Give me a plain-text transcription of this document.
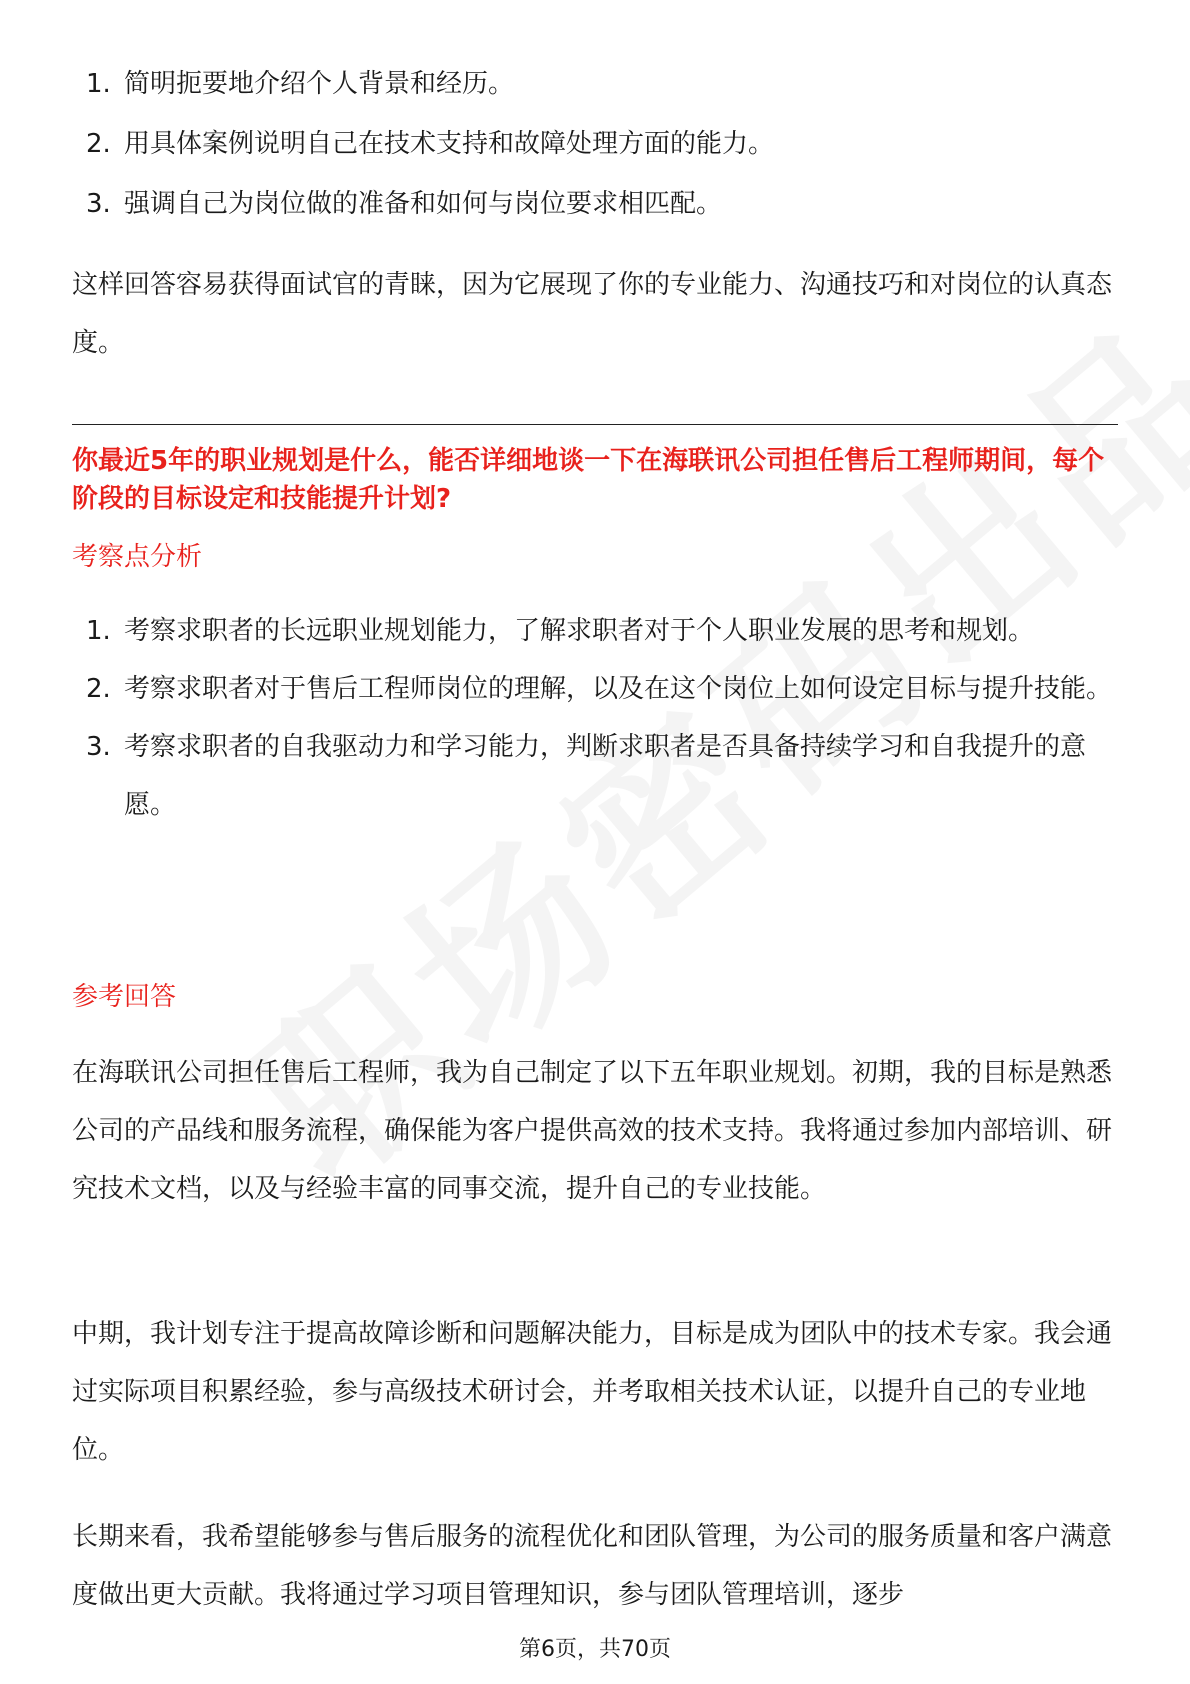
1. 简明扼要地介绍个人背景和经历。
2. 用具体案例说明自己在技术支持和故障处理方面的能力。
3. 强调自己为岗位做的准备和如何与岗位要求相匹配。

这样回答容易获得面试官的青睐，因为它展现了你的专业能力、沟通技巧和对岗位的认真态度。

你最近5年的职业规划是什么，能否详细地谈一下在海联讯公司担任售后工程师期间，每个阶段的目标设定和技能提升计划?

考察点分析

1. 考察求职者的长远职业规划能力，了解求职者对于个人职业发展的思考和规划。
2. 考察求职者对于售后工程师岗位的理解，以及在这个岗位上如何设定目标与提升技能。
3. 考察求职者的自我驱动力和学习能力，判断求职者是否具备持续学习和自我提升的意愿。

参考回答

在海联讯公司担任售后工程师，我为自己制定了以下五年职业规划。初期，我的目标是熟悉公司的产品线和服务流程，确保能为客户提供高效的技术支持。我将通过参加内部培训、研究技术文档，以及与经验丰富的同事交流，提升自己的专业技能。

中期，我计划专注于提高故障诊断和问题解决能力，目标是成为团队中的技术专家。我会通过实际项目积累经验，参与高级技术研讨会，并考取相关技术认证，以提升自己的专业地位。

长期来看，我希望能够参与售后服务的流程优化和团队管理，为公司的服务质量和客户满意度做出更大贡献。我将通过学习项目管理知识，参与团队管理培训，逐步

第6页，共70页
